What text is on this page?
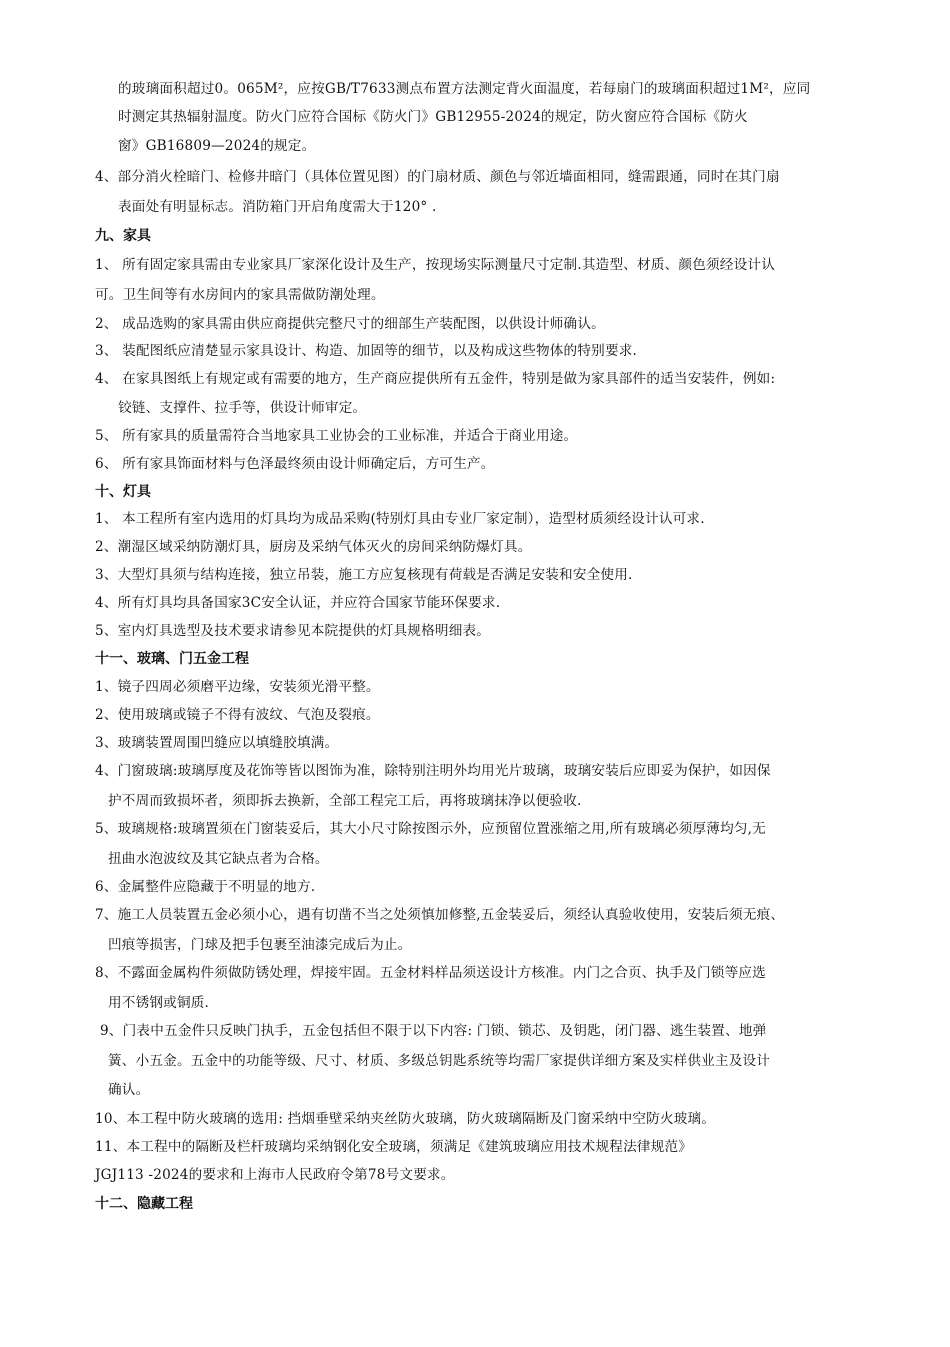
的玻璃面积超过0。065M²，应按GB/T7633测点布置方法测定背火面温度，若每扇门的玻璃面积超过1M²，应同
时测定其热辐射温度。防火门应符合国标《防火门》GB12955-2024的规定，防火窗应符合国标《防火
窗》GB16809—2024的规定。
4、部分消火栓暗门、检修井暗门（具体位置见图）的门扇材质、颜色与邻近墙面相同，缝需跟通，同时在其门扇
表面处有明显标志。消防箱门开启角度需大于120° .
九、家具
1、 所有固定家具需由专业家具厂家深化设计及生产，按现场实际测量尺寸定制.其造型、材质、颜色须经设计认
可。卫生间等有水房间内的家具需做防潮处理。
2、 成品选购的家具需由供应商提供完整尺寸的细部生产装配图，以供设计师确认。
3、 装配图纸应清楚显示家具设计、构造、加固等的细节，以及构成这些物体的特别要求.
4、 在家具图纸上有规定或有需要的地方，生产商应提供所有五金件，特别是做为家具部件的适当安装件，例如:
铰链、支撑件、拉手等，供设计师审定。
5、 所有家具的质量需符合当地家具工业协会的工业标准，并适合于商业用途。
6、 所有家具饰面材料与色泽最终须由设计师确定后，方可生产。
十、灯具
1、 本工程所有室内选用的灯具均为成品采购(特别灯具由专业厂家定制），造型材质须经设计认可求.
2、潮湿区域采纳防潮灯具，厨房及采纳气体灭火的房间采纳防爆灯具。
3、大型灯具须与结构连接，独立吊装，施工方应复核现有荷载是否满足安装和安全使用.
4、所有灯具均具备国家3C安全认证，并应符合国家节能环保要求.
5、室内灯具选型及技术要求请参见本院提供的灯具规格明细表。
十一、玻璃、门五金工程
1、镜子四周必须磨平边缘，安装须光滑平整。
2、使用玻璃或镜子不得有波纹、气泡及裂痕。
3、玻璃装置周围凹缝应以填缝胶填满。
4、门窗玻璃:玻璃厚度及花饰等皆以图饰为准，除特别注明外均用光片玻璃，玻璃安装后应即妥为保护，如因保
护不周而致损坏者，须即拆去换新，全部工程完工后，再将玻璃抹净以便验收.
5、玻璃规格:玻璃置须在门窗装妥后，其大小尺寸除按图示外，应预留位置涨缩之用,所有玻璃必须厚薄均匀,无
扭曲水泡波纹及其它缺点者为合格。
6、金属整件应隐藏于不明显的地方.
7、施工人员装置五金必须小心，遇有切凿不当之处须慎加修整,五金装妥后，须经认真验收使用，安装后须无痕、
凹痕等损害，门球及把手包裹至油漆完成后为止。
8、不露面金属构件须做防锈处理，焊接牢固。五金材料样品须送设计方核准。内门之合页、执手及门锁等应选
用不锈钢或铜质.
9、门表中五金件只反映门执手，五金包括但不限于以下内容: 门锁、锁芯、及钥匙，闭门器、逃生装置、地弹
簧、小五金。五金中的功能等级、尺寸、材质、多级总钥匙系统等均需厂家提供详细方案及实样供业主及设计
确认。
10、本工程中防火玻璃的选用: 挡烟垂壁采纳夹丝防火玻璃，防火玻璃隔断及门窗采纳中空防火玻璃。
11、本工程中的隔断及栏杆玻璃均采纳钢化安全玻璃，须满足《建筑玻璃应用技术规程法律规范》
JGJ113 -2024的要求和上海市人民政府令第78号文要求。
十二、隐藏工程
